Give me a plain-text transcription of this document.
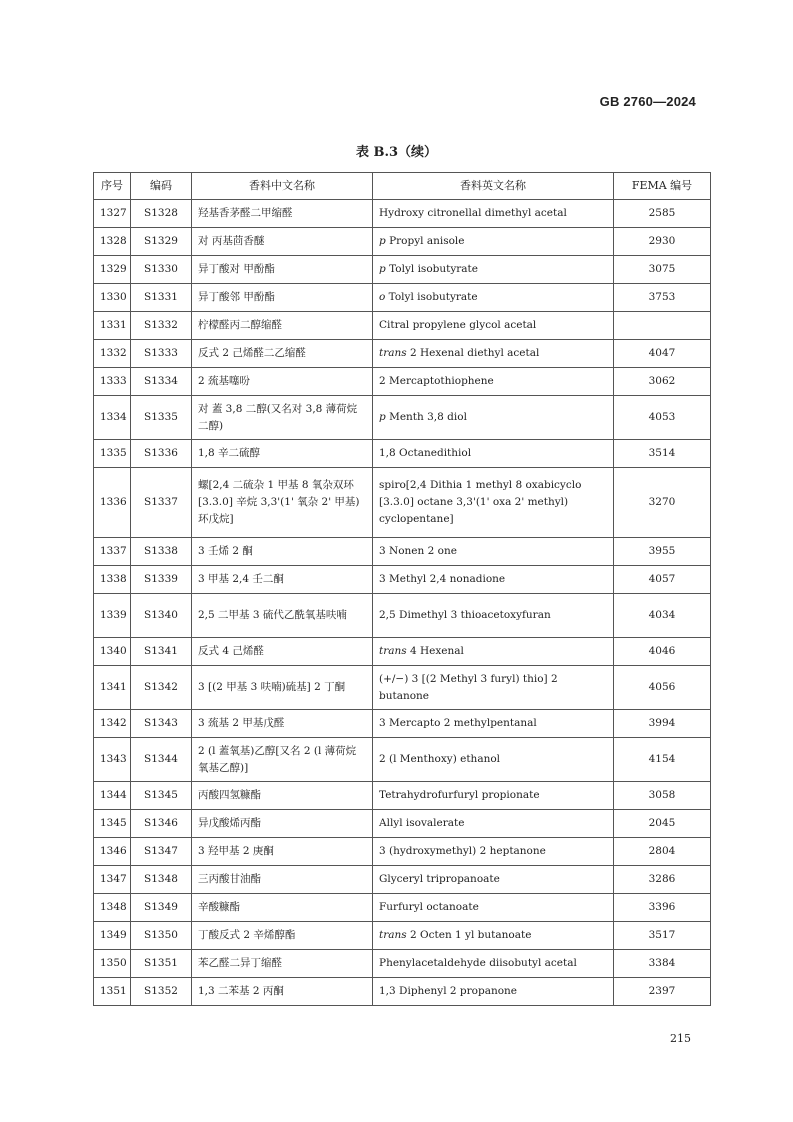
GB 2760—2024
表 B.3（续）
序号	编码	香料中文名称	香料英文名称	FEMA 编号
1327	S1328	羟基香茅醛二甲缩醛	Hydroxy citronellal dimethyl acetal	2585
1328	S1329	对 丙基茴香醚	p Propyl anisole	2930
1329	S1330	异丁酸对 甲酚酯	p Tolyl isobutyrate	3075
1330	S1331	异丁酸邻 甲酚酯	o Tolyl isobutyrate	3753
1331	S1332	柠檬醛丙二醇缩醛	Citral propylene glycol acetal	
1332	S1333	反式 2 己烯醛二乙缩醛	trans 2 Hexenal diethyl acetal	4047
1333	S1334	2 巯基噻吩	2 Mercaptothiophene	3062
1334	S1335	对 蓋 3,8 二醇(又名对 3,8 薄荷烷二醇)	p Menth 3,8 diol	4053
1335	S1336	1,8 辛二硫醇	1,8 Octanedithiol	3514
1336	S1337	螺[2,4 二硫杂 1 甲基 8 氧杂双环[3.3.0] 辛烷 3,3'(1' 氧杂 2' 甲基)环戊烷]	spiro[2,4 Dithia 1 methyl 8 oxabicyclo [3.3.0] octane 3,3'(1' oxa 2' methyl) cyclopentane]	3270
1337	S1338	3 壬烯 2 酮	3 Nonen 2 one	3955
1338	S1339	3 甲基 2,4 壬二酮	3 Methyl 2,4 nonadione	4057
1339	S1340	2,5 二甲基 3 硫代乙酰氧基呋喃	2,5 Dimethyl 3 thioacetoxyfuran	4034
1340	S1341	反式 4 己烯醛	trans 4 Hexenal	4046
1341	S1342	3 [(2 甲基 3 呋喃)硫基] 2 丁酮	(+/−) 3 [(2 Methyl 3 furyl) thio] 2 butanone	4056
1342	S1343	3 巯基 2 甲基戊醛	3 Mercapto 2 methylpentanal	3994
1343	S1344	2 (l 蓋氧基)乙醇[又名 2 (l 薄荷烷氧基乙醇)]	2 (l Menthoxy) ethanol	4154
1344	S1345	丙酸四氢糠酯	Tetrahydrofurfuryl propionate	3058
1345	S1346	异戊酸烯丙酯	Allyl isovalerate	2045
1346	S1347	3 羟甲基 2 庚酮	3 (hydroxymethyl) 2 heptanone	2804
1347	S1348	三丙酸甘油酯	Glyceryl tripropanoate	3286
1348	S1349	辛酸糠酯	Furfuryl octanoate	3396
1349	S1350	丁酸反式 2 辛烯醇酯	trans 2 Octen 1 yl butanoate	3517
1350	S1351	苯乙醛二异丁缩醛	Phenylacetaldehyde diisobutyl acetal	3384
1351	S1352	1,3 二苯基 2 丙酮	1,3 Diphenyl 2 propanone	2397
215
